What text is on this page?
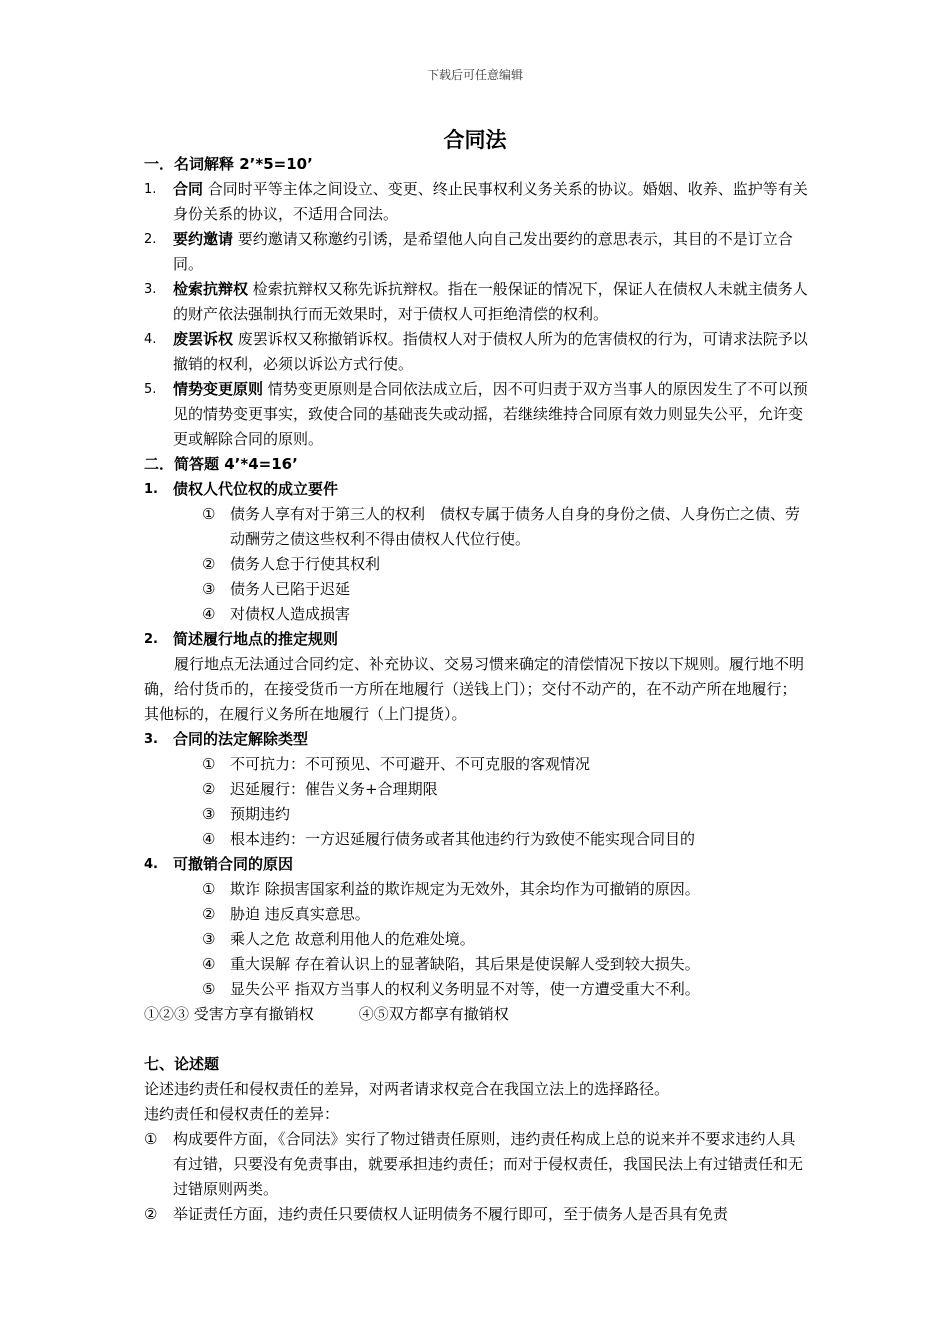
下载后可任意编辑
合同法
一．名词解释 2’*5=10’
1.	合同 合同时平等主体之间设立、变更、终止民事权利义务关系的协议。婚姻、收养、监护等有关身份关系的协议，不适用合同法。
2.	要约邀请 要约邀请又称邀约引诱，是希望他人向自己发出要约的意思表示，其目的不是订立合同。
3.	检索抗辩权 检索抗辩权又称先诉抗辩权。指在一般保证的情况下，保证人在债权人未就主债务人的财产依法强制执行而无效果时，对于债权人可拒绝清偿的权利。
4.	废罢诉权 废罢诉权又称撤销诉权。指债权人对于债权人所为的危害债权的行为，可请求法院予以撤销的权利，必须以诉讼方式行使。
5.	情势变更原则 情势变更原则是合同依法成立后，因不可归责于双方当事人的原因发生了不可以预见的情势变更事实，致使合同的基础丧失或动摇，若继续维持合同原有效力则显失公平，允许变更或解除合同的原则。
二．简答题 4’*4=16’
1.	债权人代位权的成立要件
① 债务人享有对于第三人的权利　债权专属于债务人自身的身份之债、人身伤亡之债、劳动酬劳之债这些权利不得由债权人代位行使。
② 债务人怠于行使其权利
③ 债务人已陷于迟延
④ 对债权人造成损害
2.	简述履行地点的推定规则
履行地点无法通过合同约定、补充协议、交易习惯来确定的清偿情况下按以下规则。履行地不明确，给付货币的，在接受货币一方所在地履行（送钱上门）；交付不动产的，在不动产所在地履行；其他标的，在履行义务所在地履行（上门提货）。
3.	合同的法定解除类型
① 不可抗力：不可预见、不可避开、不可克服的客观情况
② 迟延履行：催告义务+合理期限
③ 预期违约
④ 根本违约：一方迟延履行债务或者其他违约行为致使不能实现合同目的
4.	可撤销合同的原因
① 欺诈 除损害国家利益的欺诈规定为无效外，其余均作为可撤销的原因。
② 胁迫 违反真实意思。
③ 乘人之危 故意利用他人的危难处境。
④ 重大误解 存在着认识上的显著缺陷，其后果是使误解人受到较大损失。
⑤ 显失公平 指双方当事人的权利义务明显不对等，使一方遭受重大不利。
①②③ 受害方享有撤销权　　　④⑤双方都享有撤销权
七、论述题
论述违约责任和侵权责任的差异，对两者请求权竞合在我国立法上的选择路径。
违约责任和侵权责任的差异：
① 构成要件方面，《合同法》实行了物过错责任原则，违约责任构成上总的说来并不要求违约人具有过错，只要没有免责事由，就要承担违约责任；而对于侵权责任，我国民法上有过错责任和无过错原则两类。
② 举证责任方面，违约责任只要债权人证明债务不履行即可，至于债务人是否具有免责
